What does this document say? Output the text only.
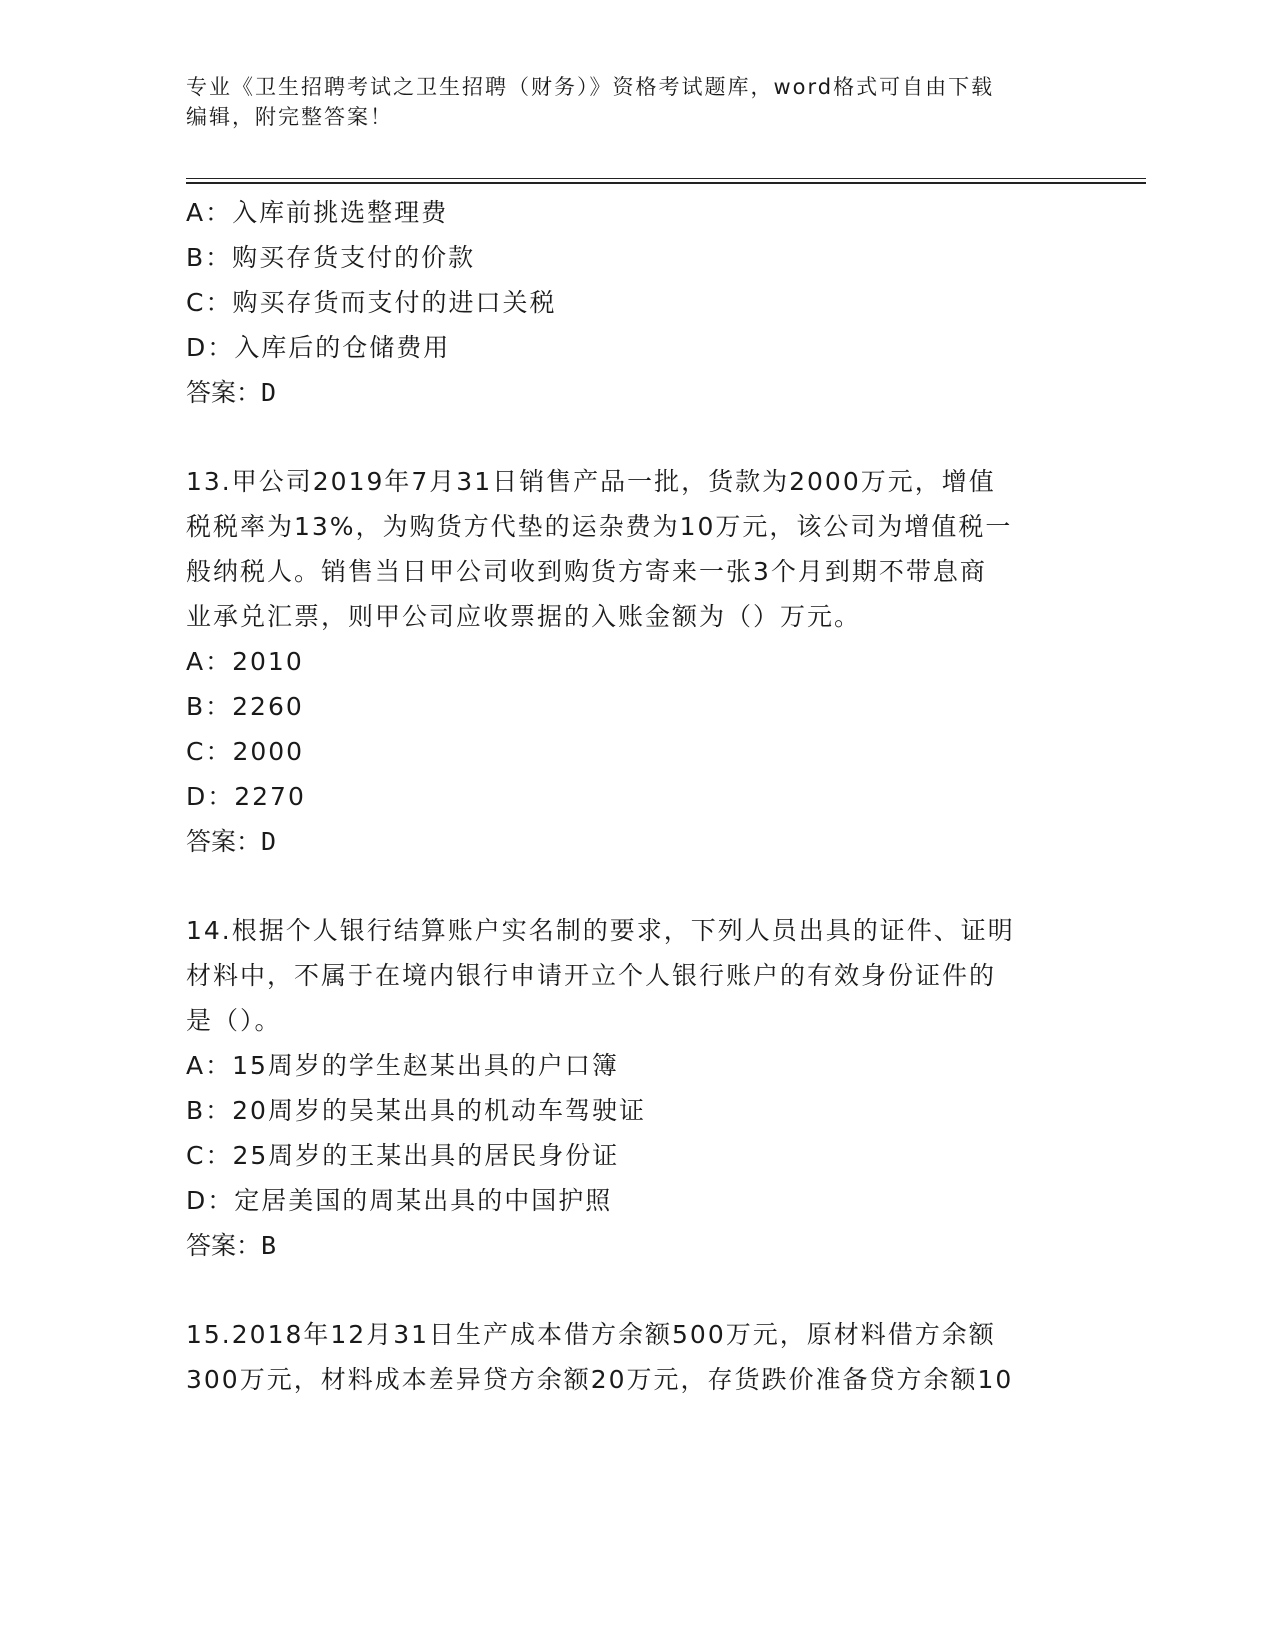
专业《卫生招聘考试之卫生招聘（财务）》资格考试题库，word格式可自由下载
编辑，附完整答案！
A：入库前挑选整理费
B：购买存货支付的价款
C：购买存货而支付的进口关税
D：入库后的仓储费用
答案：D
13.甲公司2019年7月31日销售产品一批，货款为2000万元，增值
税税率为13%，为购货方代垫的运杂费为10万元，该公司为增值税一
般纳税人。销售当日甲公司收到购货方寄来一张3个月到期不带息商
业承兑汇票，则甲公司应收票据的入账金额为（）万元。
A：2010
B：2260
C：2000
D：2270
答案：D
14.根据个人银行结算账户实名制的要求，下列人员出具的证件、证明
材料中，不属于在境内银行申请开立个人银行账户的有效身份证件的
是（）。
A：15周岁的学生赵某出具的户口簿
B：20周岁的吴某出具的机动车驾驶证
C：25周岁的王某出具的居民身份证
D：定居美国的周某出具的中国护照
答案：B
15.2018年12月31日生产成本借方余额500万元，原材料借方余额
300万元，材料成本差异贷方余额20万元，存货跌价准备贷方余额10
